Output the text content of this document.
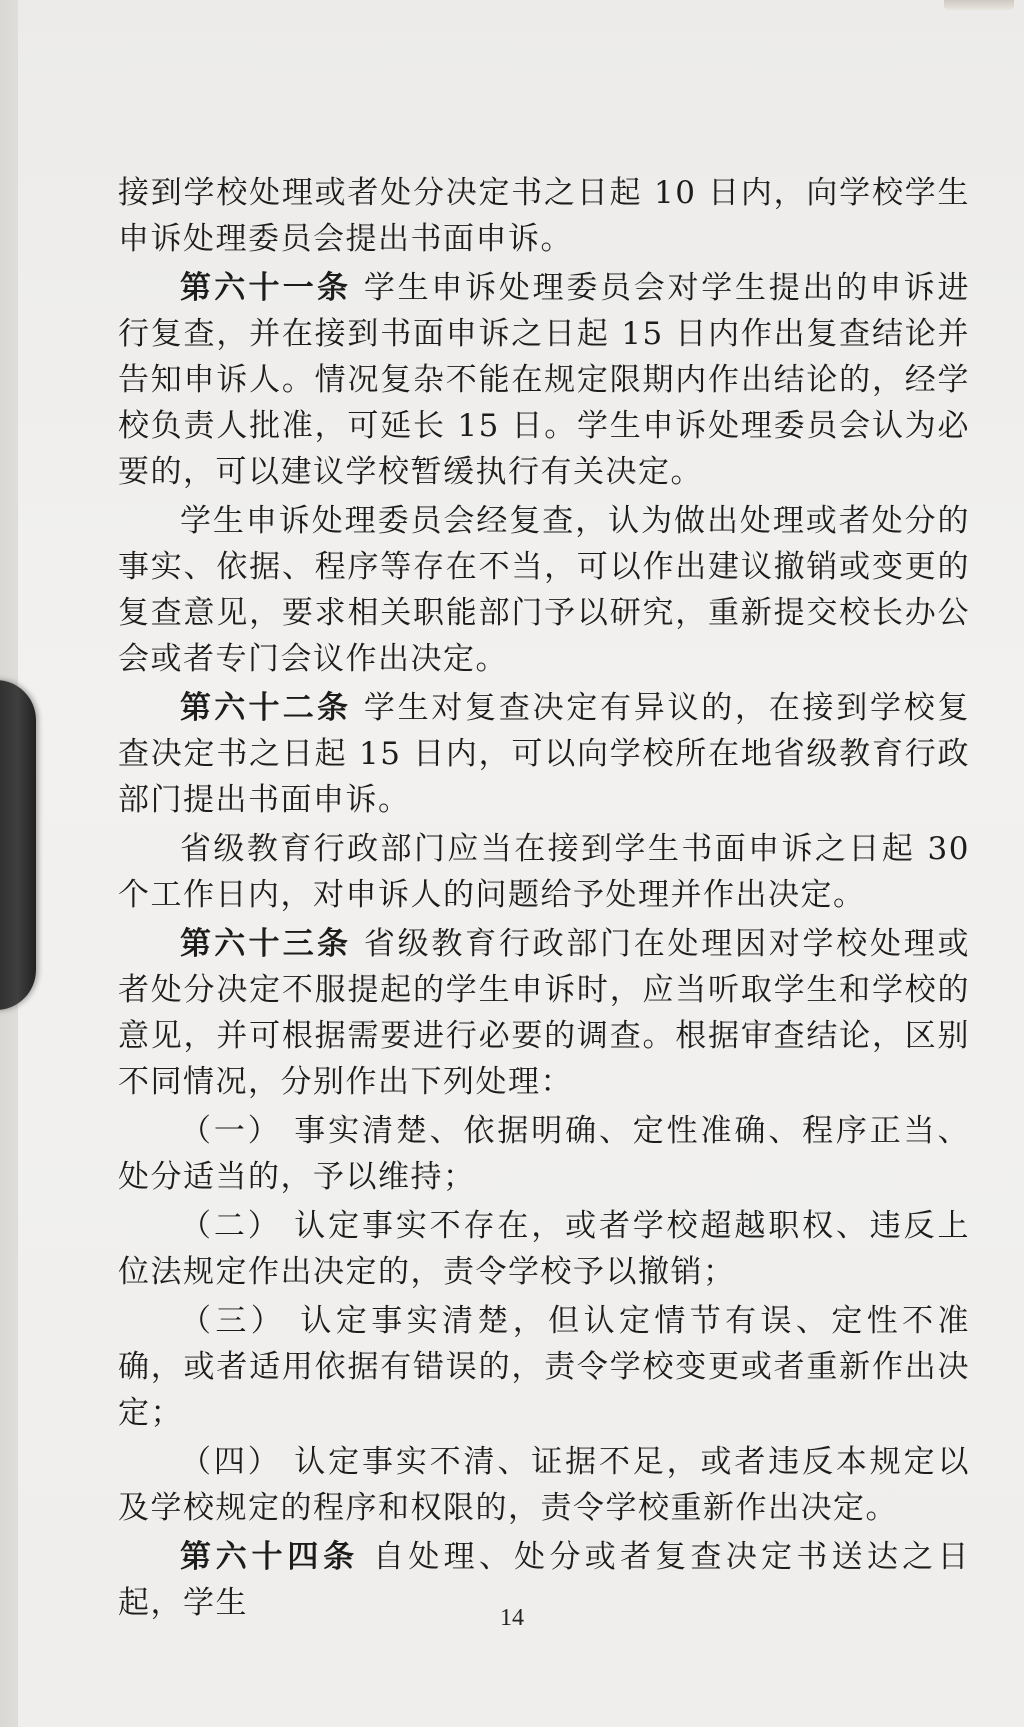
接到学校处理或者处分决定书之日起 10 日内，向学校学生申诉处理委员会提出书面申诉。

第六十一条 学生申诉处理委员会对学生提出的申诉进行复查，并在接到书面申诉之日起 15 日内作出复查结论并告知申诉人。情况复杂不能在规定限期内作出结论的，经学校负责人批准，可延长 15 日。学生申诉处理委员会认为必要的，可以建议学校暂缓执行有关决定。

学生申诉处理委员会经复查，认为做出处理或者处分的事实、依据、程序等存在不当，可以作出建议撤销或变更的复查意见，要求相关职能部门予以研究，重新提交校长办公会或者专门会议作出决定。

第六十二条 学生对复查决定有异议的，在接到学校复查决定书之日起 15 日内，可以向学校所在地省级教育行政部门提出书面申诉。

省级教育行政部门应当在接到学生书面申诉之日起 30 个工作日内，对申诉人的问题给予处理并作出决定。

第六十三条 省级教育行政部门在处理因对学校处理或者处分决定不服提起的学生申诉时，应当听取学生和学校的意见，并可根据需要进行必要的调查。根据审查结论，区别不同情况，分别作出下列处理：

（一） 事实清楚、依据明确、定性准确、程序正当、处分适当的，予以维持；

（二） 认定事实不存在，或者学校超越职权、违反上位法规定作出决定的，责令学校予以撤销；

（三） 认定事实清楚，但认定情节有误、定性不准确，或者适用依据有错误的，责令学校变更或者重新作出决定；

（四） 认定事实不清、证据不足，或者违反本规定以及学校规定的程序和权限的，责令学校重新作出决定。

第六十四条 自处理、处分或者复查决定书送达之日起，学生	14
